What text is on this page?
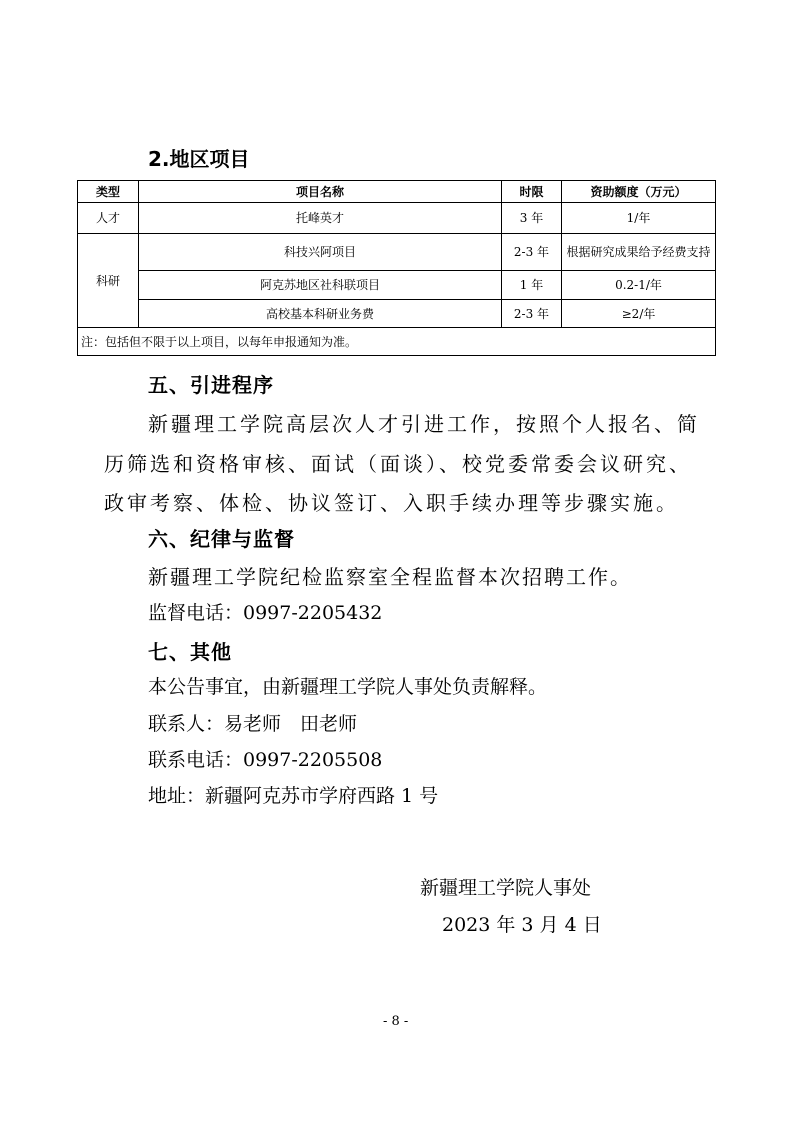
2.地区项目
类型	项目名称	时限	资助额度（万元）
人才	托峰英才	3 年	1/年
科研	科技兴阿项目	2-3 年	根据研究成果给予经费支持
	阿克苏地区社科联项目	1 年	0.2-1/年
	高校基本科研业务费	2-3 年	≥2/年
注：包括但不限于以上项目，以每年申报通知为准。			
五、引进程序
新疆理工学院高层次人才引进工作，按照个人报名、简
历筛选和资格审核、面试（面谈）、校党委常委会议研究、
政审考察、体检、协议签订、入职手续办理等步骤实施。
六、纪律与监督
新疆理工学院纪检监察室全程监督本次招聘工作。
监督电话：0997-2205432
七、其他
本公告事宜，由新疆理工学院人事处负责解释。
联系人：易老师　田老师
联系电话：0997-2205508
地址：新疆阿克苏市学府西路 1 号
新疆理工学院人事处
2023 年 3 月 4 日
- 8 -
